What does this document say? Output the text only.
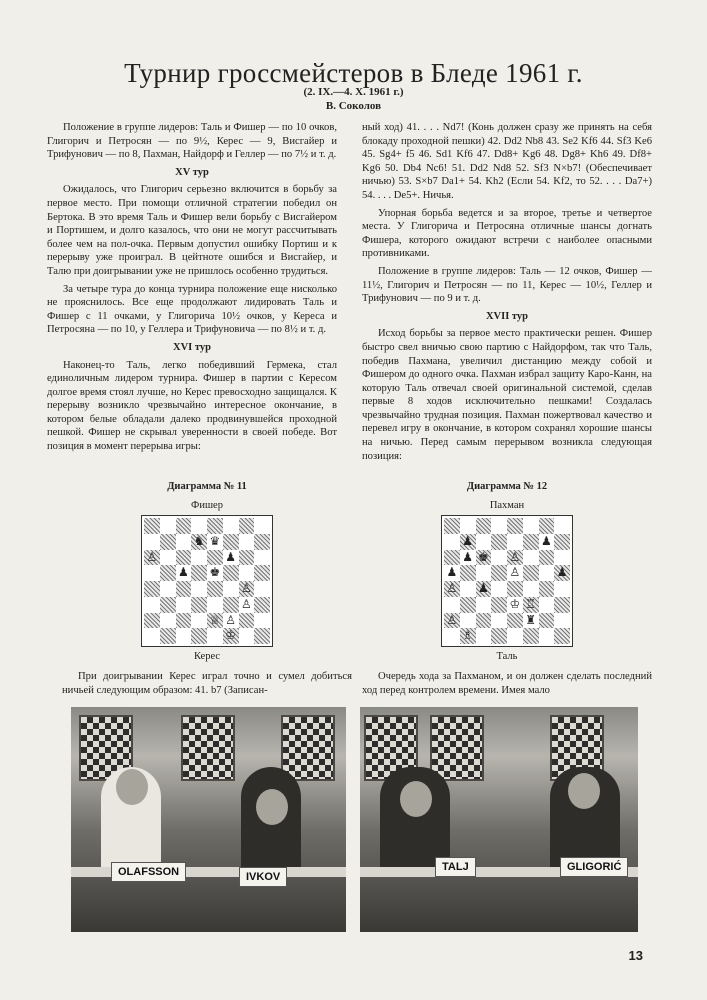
Турнир гроссмейстеров в Бледе 1961 г.
(2. IX.—4. X. 1961 г.)
В. Соколов

Положение в группе лидеров: Таль и Фишер — по 10 очков, Глигорич и Петросян — по 9½, Керес — 9, Висгайер и Трифунович — по 8, Пахман, Найдорф и Геллер — по 7½ и т. д.

XV тур

Ожидалось, что Глигорич серьезно включится в борьбу за первое место. При помощи отличной стратегии победил он Бертока. В это время Таль и Фишер вели борьбу с Висгайером и Портишем, и долго казалось, что они не могут рассчитывать более чем на пол-очка. Первым допустил ошибку Портиш и к перерыву уже проиграл. В цейтноте ошибся и Висгайер, и Талю при доигрывании уже не пришлось особенно трудиться.

За четыре тура до конца турнира положение еще нисколько не прояснилось. Все еще продолжают лидировать Таль и Фишер с 11 очками, у Глигорича 10½ очков, у Кереса и Петросяна — по 10, у Геллера и Трифуновича — по 8½ и т. д.

XVI тур

Наконец-то Таль, легко победивший Гермека, стал единоличным лидером турнира. Фишер в партии с Кересом долгое время стоял лучше, но Керес превосходно защищался. К перерыву возникло чрезвычайно интересное окончание, в котором белые обладали далеко продвинувшейся проходной пешкой. Фишер не скрывал уверенности в своей победе. Вот позиция в момент перерыва игры:

ный ход) 41. . . . Nd7! (Конь должен сразу же принять на себя блокаду проходной пешки) 42. Dd2 Nb8 43. Se2 Kf6 44. Sf3 Ke6 45. Sg4+ f5 46. Sd1 Kf6 47. Dd8+ Kg6 48. Dg8+ Kh6 49. Df8+ Kg6 50. Db4 Nc6! 51. Dd2 Nd8 52. Sf3 N×b7! (Обеспечивает ничью) 53. S×b7 Da1+ 54. Kh2 (Если 54. Kf2, то 52. . . . Da7+) 54. . . . De5+. Ничья.

Упорная борьба ведется и за второе, третье и четвертое места. У Глигорича и Петросяна отличные шансы догнать Фишера, которого ожидают встречи с наиболее опасными противниками.

Положение в группе лидеров: Таль — 12 очков, Фишер — 11½, Глигорич и Петросян — по 11, Керес — 10½, Геллер и Трифунович — по 9 и т. д.

XVII тур

Исход борьбы за первое место практически решен. Фишер быстро свел вничью свою партию с Найдорфом, так что Таль, победив Пахмана, увеличил дистанцию между собой и Фишером до одного очка. Пахман избрал защиту Каро-Канн, на которую Таль отвечал своей оригинальной системой, сделав первые 8 ходов исключительно пешками! Создалась чрезвычайно трудная позиция. Пахман пожертвовал качество и перевел игру в окончание, в котором сохранял хорошие шансы на ничью. Перед самым перерывом возникла следующая позиция:

Диаграмма № 11
Фишер
♞ ♛
♙	♟
♟ ♚
♙
♙
♕ ♙
♔
Керес
Диаграмма № 12
Пахман
♟	♟
♟ ♚ ♙
♟	♙	♟
♙ ♟
♔ ♖
♙	♜
♗
Таль

При доигрывании Керес играл точно и сумел добиться ничьей следующим образом: 41. b7 (Записан-

Очередь хода за Пахманом, и он должен сделать последний ход перед контролем времени. Имея мало

OLAFSSON	IVKOV
TALJ	GLIGORIĆ
13
